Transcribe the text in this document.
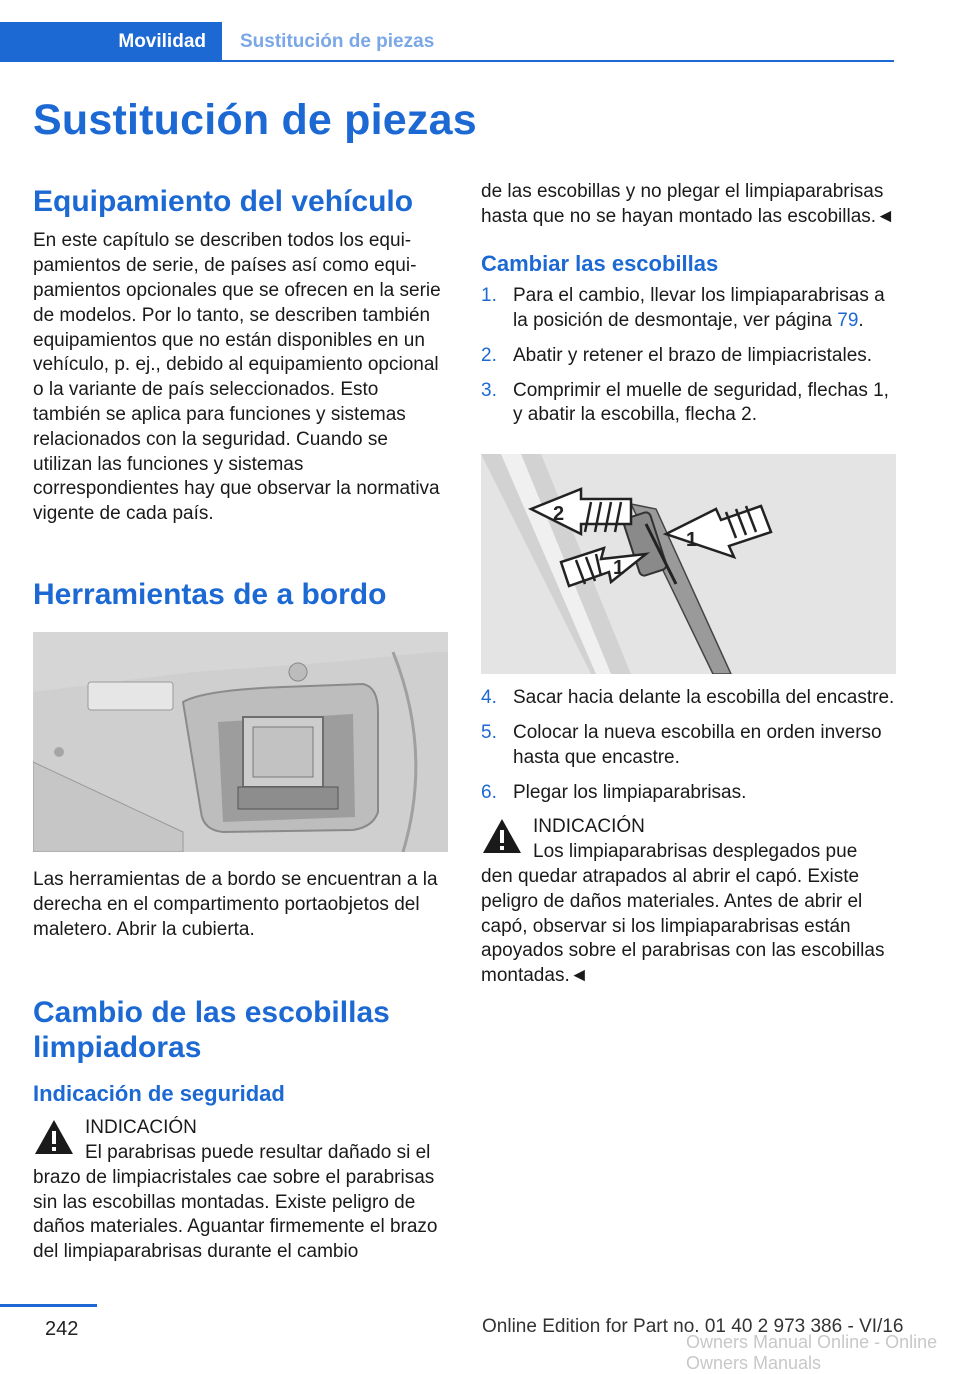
Movilidad Sustitución de piezas
Sustitución de piezas
Equipamiento del vehículo

En este capítulo se describen todos los equipamientos de serie, de países así como equipamientos opcionales que se ofrecen en la serie de modelos. Por lo tanto, se describen también equipamientos que no están disponibles en un vehículo, p. ej., debido al equipamiento opcional o la variante de país seleccionados. Esto también se aplica para funciones y sistemas relacionados con la seguridad. Cuando se utilizan las funciones y sistemas correspondientes hay que observar la normativa vigente de cada país.

Herramientas de a bordo

Las herramientas de a bordo se encuentran a la derecha en el compartimento portaobjetos del maletero. Abrir la cubierta.

Cambio de las escobillas limpiadoras
Indicación de seguridad
INDICACIÓN
El parabrisas puede resultar dañado si el

brazo de limpiacristales cae sobre el parabrisas sin las escobillas montadas. Existe peligro de daños materiales. Aguantar firmemente el brazo del limpiaparabrisas durante el cambio

de las escobillas y no plegar el limpiaparabrisas hasta que no se hayan montado las escobillas.◄

Cambiar las escobillas
1. Para el cambio, llevar los limpiaparabrisas a la posición de desmontaje, ver página 79.
2. Abatir y retener el brazo de limpiacristales.
3. Comprimir el muelle de seguridad, flechas 1, y abatir la escobilla, flecha 2.
2
1
1
4. Sacar hacia delante la escobilla del encastre.
5. Colocar la nueva escobilla en orden inverso hasta que encastre.
6. Plegar los limpiaparabrisas.
INDICACIÓN
Los limpiaparabrisas desplegados pue

den quedar atrapados al abrir el capó. Existe peligro de daños materiales. Antes de abrir el capó, observar si los limpiaparabrisas están apoyados sobre el parabrisas con las escobillas montadas.◄

242	Online Edition for Part no. 01 40 2 973 386 - VI/16
Owners Manual Online - Online Owners Manuals
